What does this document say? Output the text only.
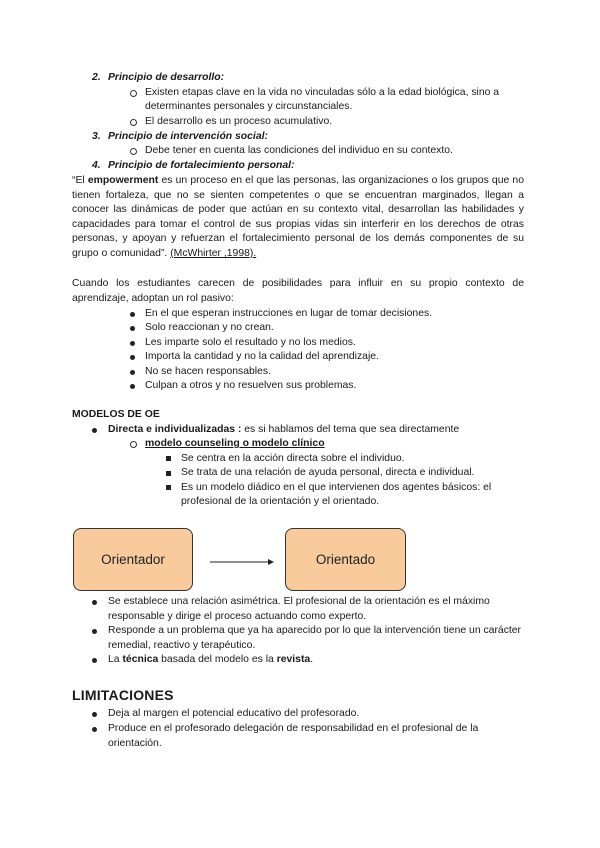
2. Principio de desarrollo:
Existen etapas clave en la vida no vinculadas sólo a la edad biológica, sino a
determinantes personales y circunstanciales.
El desarrollo es un proceso acumulativo.
3. Principio de intervención social:
Debe tener en cuenta las condiciones del individuo en su contexto.
4. Principio de fortalecimiento personal:
“El empowerment es un proceso en el que las personas, las organizaciones o los grupos que no tienen fortaleza, que no se sienten competentes o que se encuentran marginados, llegan a conocer las dinámicas de poder que actúan en su contexto vital, desarrollan las habilidades y capacidades para tomar el control de sus propias vidas sin interferir en los derechos de otras personas, y apoyan y refuerzan el fortalecimiento personal de los demás componentes de su grupo o comunidad”. (McWhirter ,1998).
Cuando los estudiantes carecen de posibilidades para influir en su propio contexto de aprendizaje, adoptan un rol pasivo:
En el que esperan instrucciones en lugar de tomar decisiones.
Solo reaccionan y no crean.
Les imparte solo el resultado y no los medios.
Importa la cantidad y no la calidad del aprendizaje.
No se hacen responsables.
Culpan a otros y no resuelven sus problemas.
MODELOS DE OE
Directa e individualizadas : es si hablamos del tema que sea directamente
modelo counseling o modelo clínico
Se centra en la acción directa sobre el individuo.
Se trata de una relación de ayuda personal, directa e individual.
Es un modelo diádico en el que intervienen dos agentes básicos: el
profesional de la orientación y el orientado.
Orientador	Orientado
Se establece una relación asimétrica. El profesional de la orientación es el máximo responsable y dirige el proceso actuando como experto.
Responde a un problema que ya ha aparecido por lo que la intervención tiene un carácter remedial, reactivo y terapéutico.
La técnica basada del modelo es la revista.
LIMITACIONES
Deja al margen el potencial educativo del profesorado.
Produce en el profesorado delegación de responsabilidad en el profesional de la orientación.
